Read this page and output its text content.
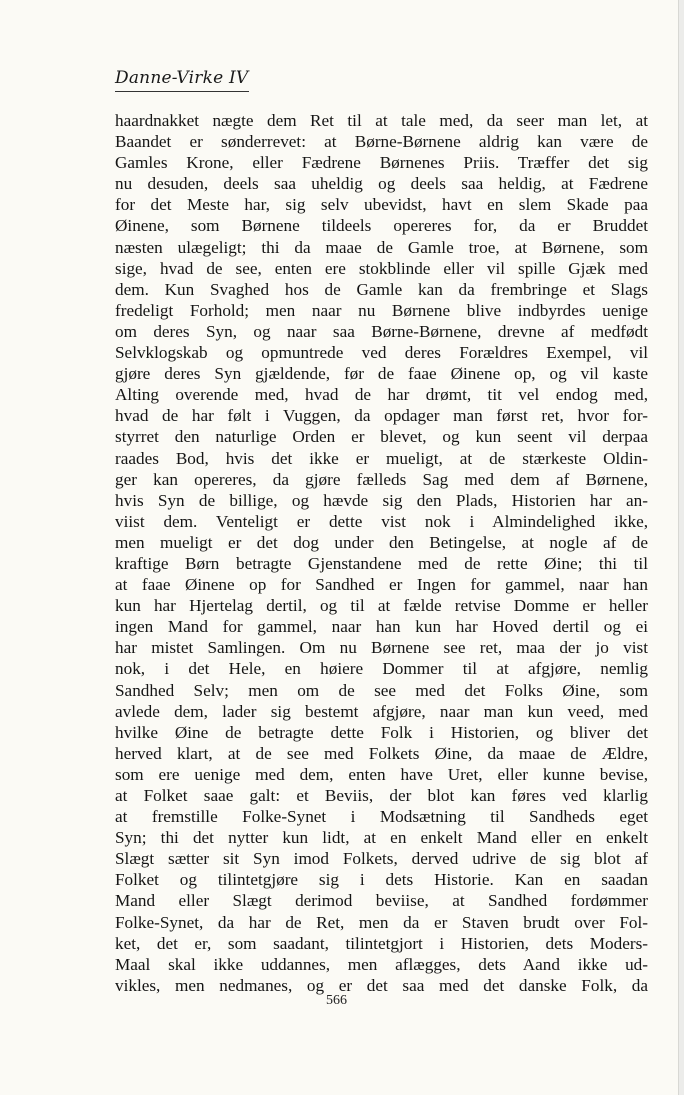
Danne-Virke IV
haardnakket nægte dem Ret til at tale med, da seer man let, at
Baandet er sønderrevet: at Børne-Børnene aldrig kan være de
Gamles Krone, eller Fædrene Børnenes Priis. Træffer det sig
nu desuden, deels saa uheldig og deels saa heldig, at Fædrene
for det Meste har, sig selv ubevidst, havt en slem Skade paa
Øinene, som Børnene tildeels opereres for, da er Bruddet
næsten ulægeligt; thi da maae de Gamle troe, at Børnene, som
sige, hvad de see, enten ere stokblinde eller vil spille Gjæk med
dem. Kun Svaghed hos de Gamle kan da frembringe et Slags
fredeligt Forhold; men naar nu Børnene blive indbyrdes uenige
om deres Syn, og naar saa Børne-Børnene, drevne af medfødt
Selvklogskab og opmuntrede ved deres Forældres Exempel, vil
gjøre deres Syn gjældende, før de faae Øinene op, og vil kaste
Alting overende med, hvad de har drømt, tit vel endog med,
hvad de har følt i Vuggen, da opdager man først ret, hvor for-
styrret den naturlige Orden er blevet, og kun seent vil derpaa
raades Bod, hvis det ikke er mueligt, at de stærkeste Oldin-
ger kan opereres, da gjøre fælleds Sag med dem af Børnene,
hvis Syn de billige, og hævde sig den Plads, Historien har an-
viist dem. Venteligt er dette vist nok i Almindelighed ikke,
men mueligt er det dog under den Betingelse, at nogle af de
kraftige Børn betragte Gjenstandene med de rette Øine; thi til
at faae Øinene op for Sandhed er Ingen for gammel, naar han
kun har Hjertelag dertil, og til at fælde retvise Domme er heller
ingen Mand for gammel, naar han kun har Hoved dertil og ei
har mistet Samlingen. Om nu Børnene see ret, maa der jo vist
nok, i det Hele, en høiere Dommer til at afgjøre, nemlig
Sandhed Selv; men om de see med det Folks Øine, som
avlede dem, lader sig bestemt afgjøre, naar man kun veed, med
hvilke Øine de betragte dette Folk i Historien, og bliver det
herved klart, at de see med Folkets Øine, da maae de Ældre,
som ere uenige med dem, enten have Uret, eller kunne bevise,
at Folket saae galt: et Beviis, der blot kan føres ved klarlig
at fremstille Folke-Synet i Modsætning til Sandheds eget
Syn; thi det nytter kun lidt, at en enkelt Mand eller en enkelt
Slægt sætter sit Syn imod Folkets, derved udrive de sig blot af
Folket og tilintetgjøre sig i dets Historie. Kan en saadan
Mand eller Slægt derimod beviise, at Sandhed fordømmer
Folke-Synet, da har de Ret, men da er Staven brudt over Fol-
ket, det er, som saadant, tilintetgjort i Historien, dets Moders-
Maal skal ikke uddannes, men aflægges, dets Aand ikke ud-
vikles, men nedmanes, og er det saa med det danske Folk, da
566
